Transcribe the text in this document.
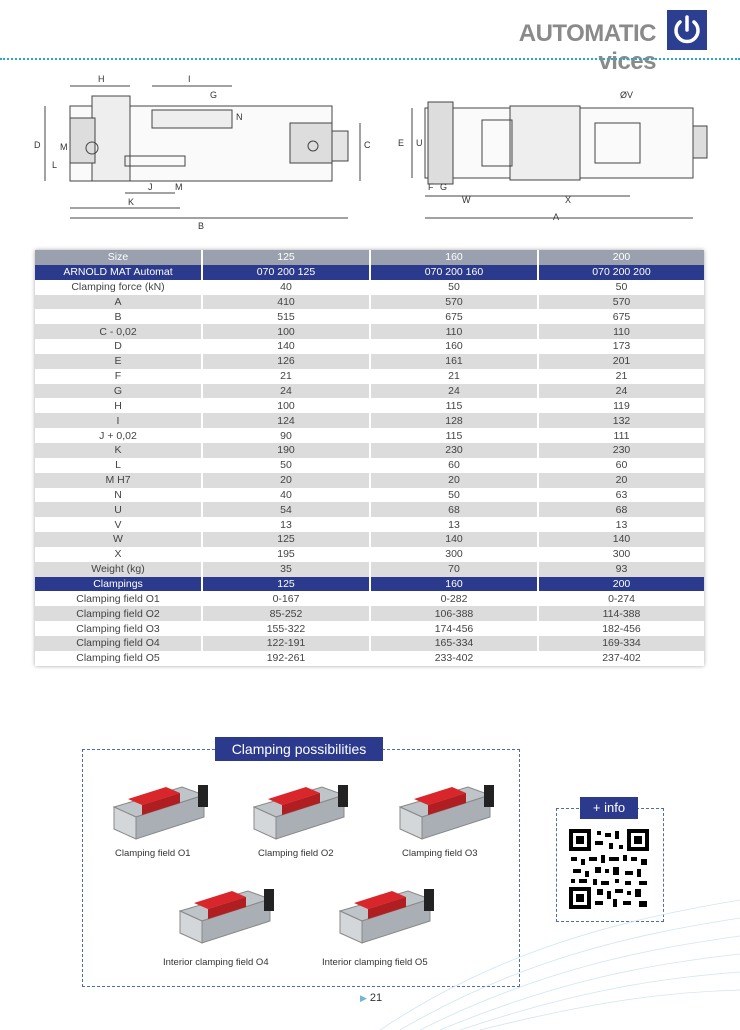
AUTOMATIC vices
H	I
G
N
D
L
M
J	M
K
B
C	E U
ØV
F G
W	X
A
Size	125	160	200
ARNOLD MAT Automat	070 200 125	070 200 160	070 200 200
Clamping force (kN)	40	50	50
A	410	570	570
B	515	675	675
C - 0,02	100	110	110
D	140	160	173
E	126	161	201
F	21	21	21
G	24	24	24
H	100	115	119
I	124	128	132
J + 0,02	90	115	111
K	190	230	230
L	50	60	60
M H7	20	20	20
N	40	50	63
U	54	68	68
V	13	13	13
W	125	140	140
X	195	300	300
Weight (kg)	35	70	93
Clampings	125	160	200
Clamping field O1	0-167	0-282	0-274
Clamping field O2	85-252	106-388	114-388
Clamping field O3	155-322	174-456	182-456
Clamping field O4	122-191	165-334	169-334
Clamping field O5	192-261	233-402	237-402
Clamping possibilities
Clamping field O1	Clamping field O2	Clamping field O3
Interior clamping field O4	Interior clamping field O5
+ info
▶ 21
